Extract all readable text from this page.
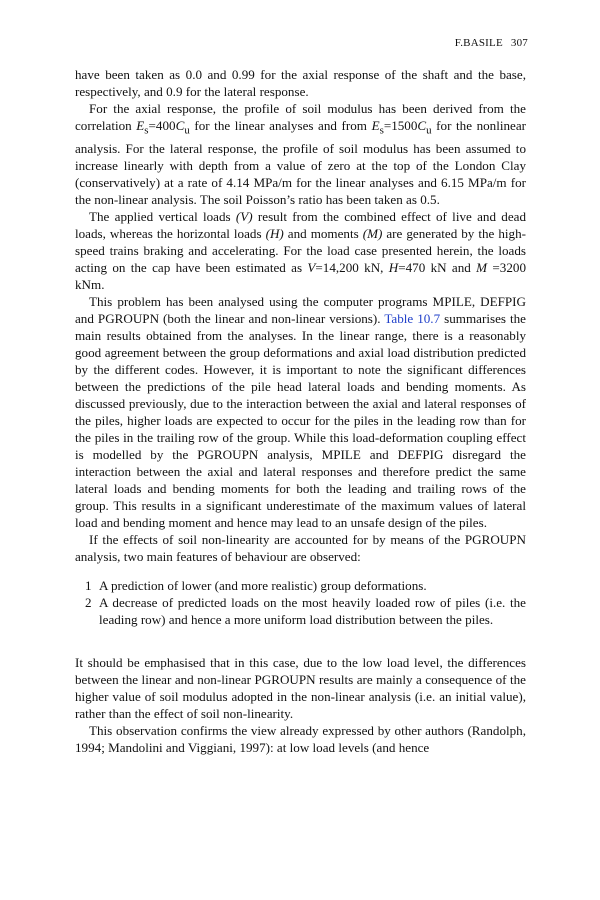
F.BASILE 307

have been taken as 0.0 and 0.99 for the axial response of the shaft and the base, respectively, and 0.9 for the lateral response.

For the axial response, the profile of soil modulus has been derived from the correlation $E_s=400C_u$ for the linear analyses and from $E_s=1500C_u$ for the nonlinear analysis. For the lateral response, the profile of soil modulus has been assumed to increase linearly with depth from a value of zero at the top of the London Clay (conservatively) at a rate of 4.14 MPa/m for the linear analyses and 6.15 MPa/m for the non-linear analysis. The soil Poisson’s ratio has been taken as 0.5.

The applied vertical loads (V) result from the combined effect of live and dead loads, whereas the horizontal loads (H) and moments (M) are generated by the high-speed trains braking and accelerating. For the load case presented herein, the loads acting on the cap have been estimated as V=14,200 kN, H=470 kN and M =3200 kNm.

This problem has been analysed using the computer programs MPILE, DEFPIG and PGROUPN (both the linear and non-linear versions). Table 10.7 summarises the main results obtained from the analyses. In the linear range, there is a reasonably good agreement between the group deformations and axial load distribution predicted by the different codes. However, it is important to note the significant differences between the predictions of the pile head lateral loads and bending moments. As discussed previously, due to the interaction between the axial and lateral responses of the piles, higher loads are expected to occur for the piles in the leading row than for the piles in the trailing row of the group. While this load-deformation coupling effect is modelled by the PGROUPN analysis, MPILE and DEFPIG disregard the interaction between the axial and lateral responses and therefore predict the same lateral loads and bending moments for both the leading and trailing rows of the group. This results in a significant underestimate of the maximum values of lateral load and bending moment and hence may lead to an unsafe design of the piles.

If the effects of soil non-linearity are accounted for by means of the PGROUPN analysis, two main features of behaviour are observed:

1 A prediction of lower (and more realistic) group deformations.
2 A decrease of predicted loads on the most heavily loaded row of piles (i.e. the leading row) and hence a more uniform load distribution between the piles.

It should be emphasised that in this case, due to the low load level, the differences between the linear and non-linear PGROUPN results are mainly a consequence of the higher value of soil modulus adopted in the non-linear analysis (i.e. an initial value), rather than the effect of soil non-linearity.

This observation confirms the view already expressed by other authors (Randolph, 1994; Mandolini and Viggiani, 1997): at low load levels (and hence
